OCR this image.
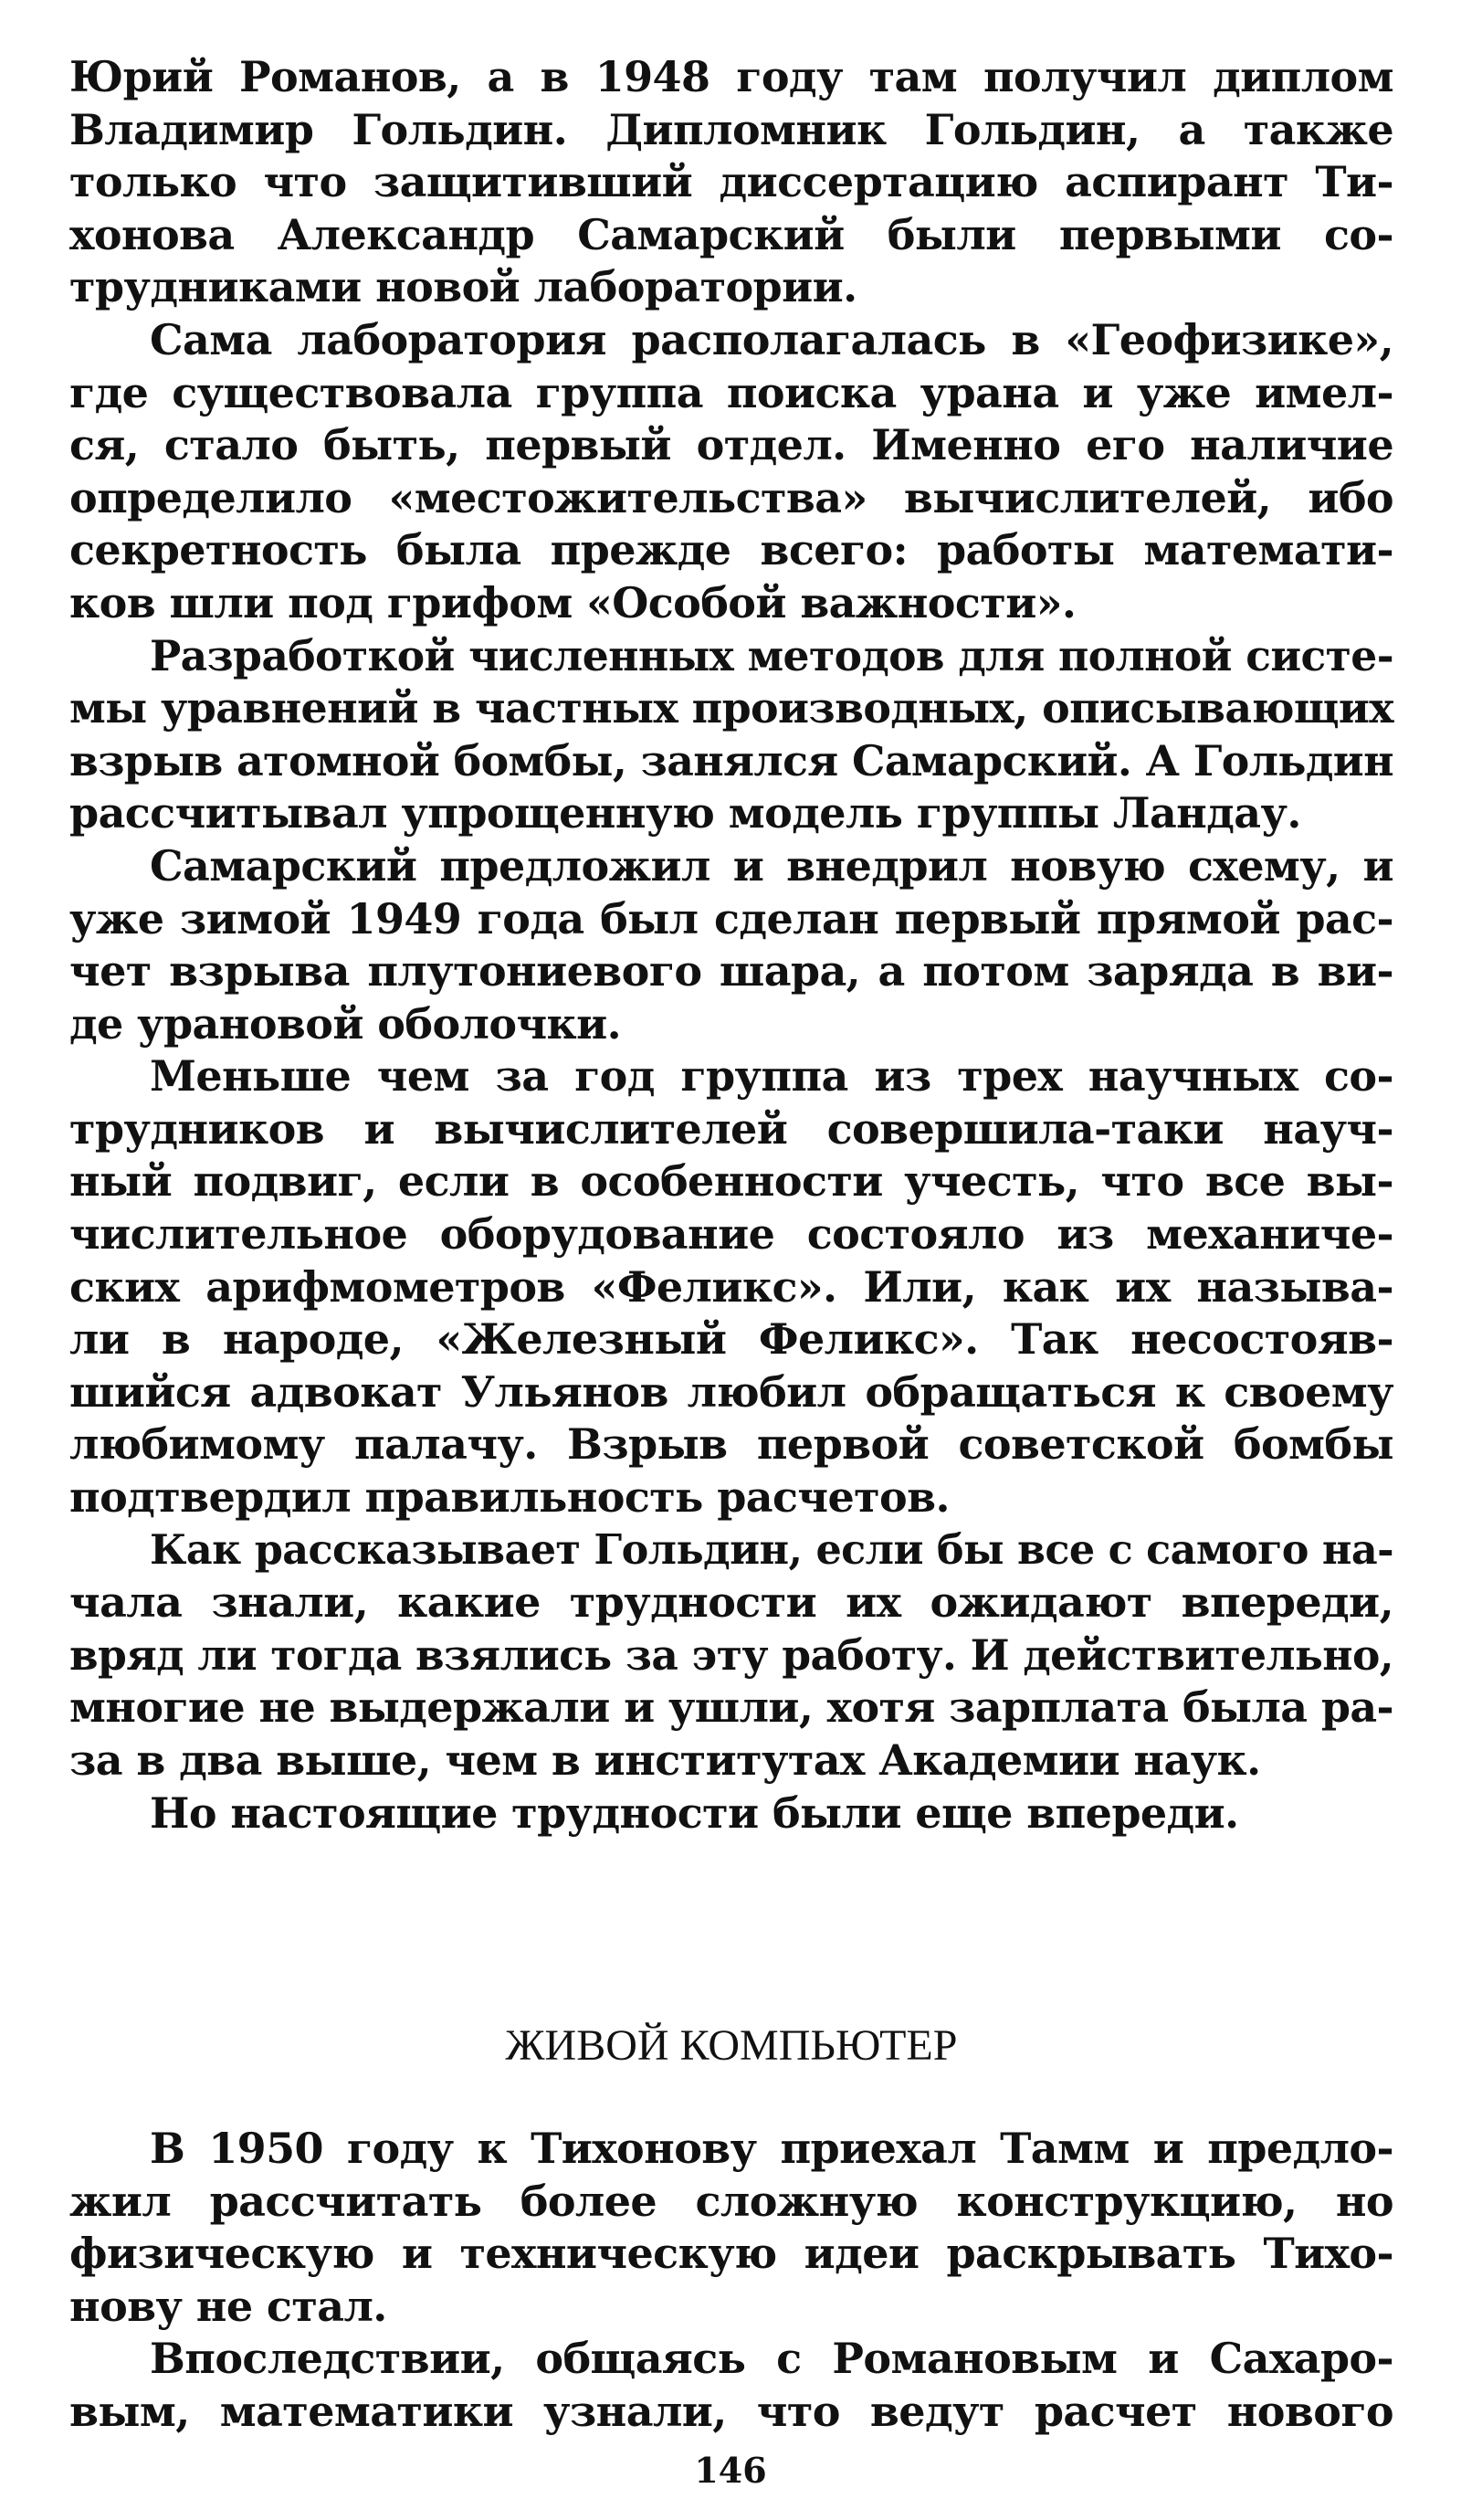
Юрий Романов, а в 1948 году там получил диплом
Владимир Гольдин. Дипломник Гольдин, а также
только что защитивший диссертацию аспирант Ти-
хонова Александр Самарский были первыми со-
трудниками новой лаборатории.
Сама лаборатория располагалась в «Геофизике»,
где существовала группа поиска урана и уже имел-
ся, стало быть, первый отдел. Именно его наличие
определило «местожительства» вычислителей, ибо
секретность была прежде всего: работы математи-
ков шли под грифом «Особой важности».
Разработкой численных методов для полной систе-
мы уравнений в частных производных, описывающих
взрыв атомной бомбы, занялся Самарский. А Гольдин
рассчитывал упрощенную модель группы Ландау.
Самарский предложил и внедрил новую схему, и
уже зимой 1949 года был сделан первый прямой рас-
чет взрыва плутониевого шара, а потом заряда в ви-
де урановой оболочки.
Меньше чем за год группа из трех научных со-
трудников и вычислителей совершила-таки науч-
ный подвиг, если в особенности учесть, что все вы-
числительное оборудование состояло из механиче-
ских арифмометров «Феликс». Или, как их называ-
ли в народе, «Железный Феликс». Так несостояв-
шийся адвокат Ульянов любил обращаться к своему
любимому палачу. Взрыв первой советской бомбы
подтвердил правильность расчетов.
Как рассказывает Гольдин, если бы все с самого на-
чала знали, какие трудности их ожидают впереди,
вряд ли тогда взялись за эту работу. И действительно,
многие не выдержали и ушли, хотя зарплата была ра-
за в два выше, чем в институтах Академии наук.
Но настоящие трудности были еще впереди.
ЖИВОЙ КОМПЬЮТЕР
В 1950 году к Тихонову приехал Тамм и предло-
жил рассчитать более сложную конструкцию, но
физическую и техническую идеи раскрывать Тихо-
нову не стал.
Впоследствии, общаясь с Романовым и Сахаро-
вым, математики узнали, что ведут расчет нового
146
